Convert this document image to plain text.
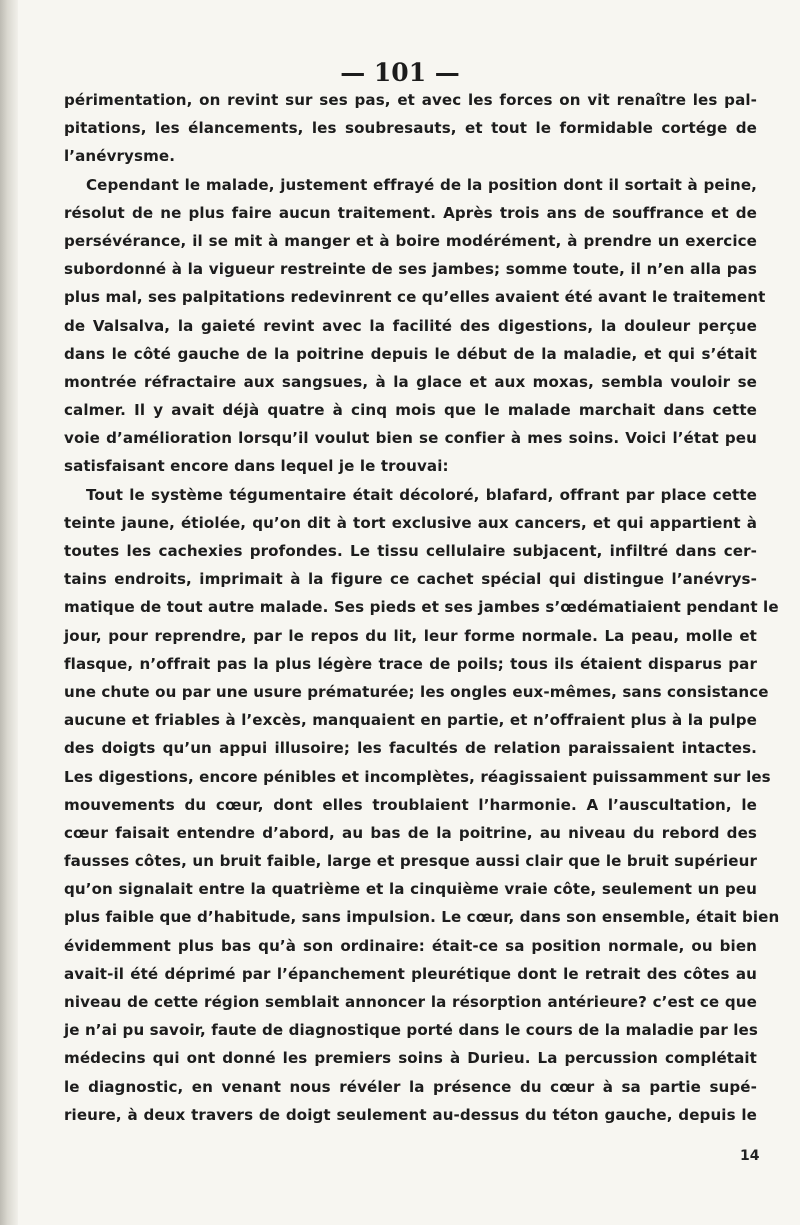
— 101 —
périmentation, on revint sur ses pas, et avec les forces on vit renaître les pal-
pitations, les élancements, les soubresauts, et tout le formidable cortége de
l’anévrysme.
Cependant le malade, justement effrayé de la position dont il sortait à peine,
résolut de ne plus faire aucun traitement. Après trois ans de souffrance et de
persévérance, il se mit à manger et à boire modérément, à prendre un exercice
subordonné à la vigueur restreinte de ses jambes; somme toute, il n’en alla pas
plus mal, ses palpitations redevinrent ce qu’elles avaient été avant le traitement
de Valsalva, la gaieté revint avec la facilité des digestions, la douleur perçue
dans le côté gauche de la poitrine depuis le début de la maladie, et qui s’était
montrée réfractaire aux sangsues, à la glace et aux moxas, sembla vouloir se
calmer. Il y avait déjà quatre à cinq mois que le malade marchait dans cette
voie d’amélioration lorsqu’il voulut bien se confier à mes soins. Voici l’état peu
satisfaisant encore dans lequel je le trouvai:
Tout le système tégumentaire était décoloré, blafard, offrant par place cette
teinte jaune, étiolée, qu’on dit à tort exclusive aux cancers, et qui appartient à
toutes les cachexies profondes. Le tissu cellulaire subjacent, infiltré dans cer-
tains endroits, imprimait à la figure ce cachet spécial qui distingue l’anévrys-
matique de tout autre malade. Ses pieds et ses jambes s’œdématiaient pendant le
jour, pour reprendre, par le repos du lit, leur forme normale. La peau, molle et
flasque, n’offrait pas la plus légère trace de poils; tous ils étaient disparus par
une chute ou par une usure prématurée; les ongles eux-mêmes, sans consistance
aucune et friables à l’excès, manquaient en partie, et n’offraient plus à la pulpe
des doigts qu’un appui illusoire; les facultés de relation paraissaient intactes.
Les digestions, encore pénibles et incomplètes, réagissaient puissamment sur les
mouvements du cœur, dont elles troublaient l’harmonie. A l’auscultation, le
cœur faisait entendre d’abord, au bas de la poitrine, au niveau du rebord des
fausses côtes, un bruit faible, large et presque aussi clair que le bruit supérieur
qu’on signalait entre la quatrième et la cinquième vraie côte, seulement un peu
plus faible que d’habitude, sans impulsion. Le cœur, dans son ensemble, était bien
évidemment plus bas qu’à son ordinaire: était-ce sa position normale, ou bien
avait-il été déprimé par l’épanchement pleurétique dont le retrait des côtes au
niveau de cette région semblait annoncer la résorption antérieure? c’est ce que
je n’ai pu savoir, faute de diagnostique porté dans le cours de la maladie par les
médecins qui ont donné les premiers soins à Durieu. La percussion complétait
le diagnostic, en venant nous révéler la présence du cœur à sa partie supé-
rieure, à deux travers de doigt seulement au-dessus du téton gauche, depuis le
14
